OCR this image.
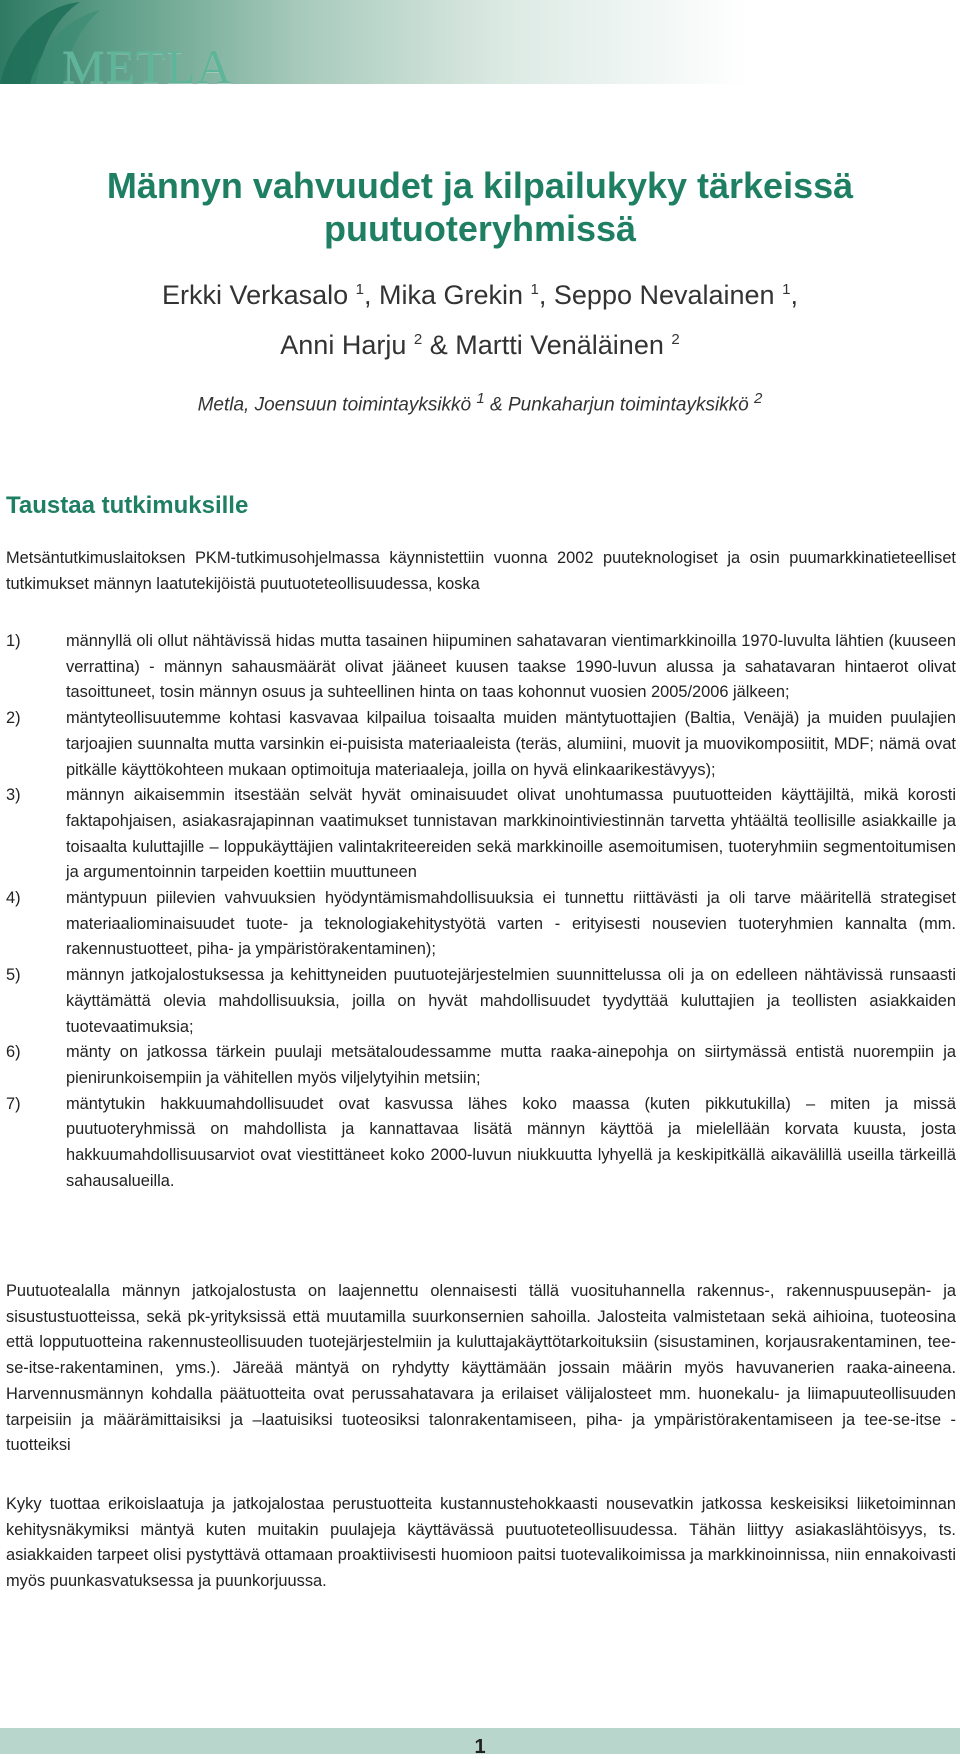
METLA
Männyn vahvuudet ja kilpailukyky tärkeissä puutuoteryhmissä
Erkki Verkasalo $^1$, Mika Grekin $^1$, Seppo Nevalainen $^1$,
Anni Harju $^2$ & Martti Venäläinen $^2$
Metla, Joensuun toimintayksikkö $^1$ & Punkaharjun toimintayksikkö $^2$
Taustaa tutkimuksille
Metsäntutkimuslaitoksen PKM-tutkimusohjelmassa käynnistettiin vuonna 2002 puuteknologiset ja osin puumarkkinatieteelliset tutkimukset männyn laatutekijöistä puutuoteteollisuudessa, koska
1)	männyllä oli ollut nähtävissä hidas mutta tasainen hiipuminen sahatavaran vientimarkkinoilla 1970-luvulta lähtien (kuuseen verrattina) - männyn sahausmäärät olivat jääneet kuusen taakse 1990-luvun alussa ja sahatavaran hintaerot olivat tasoittuneet, tosin männyn osuus ja suhteellinen hinta on taas kohonnut vuosien 2005/2006 jälkeen;
2)	mäntyteollisuutemme kohtasi kasvavaa kilpailua toisaalta muiden mäntytuottajien (Baltia, Venäjä) ja muiden puulajien tarjoajien suunnalta mutta varsinkin ei-puisista materiaaleista (teräs, alumiini, muovit ja muovikomposiitit, MDF; nämä ovat pitkälle käyttökohteen mukaan optimoituja materiaaleja, joilla on hyvä elinkaarikestävyys);
3)	männyn aikaisemmin itsestään selvät hyvät ominaisuudet olivat unohtumassa puutuotteiden käyttäjiltä, mikä korosti faktapohjaisen, asiakasrajapinnan vaatimukset tunnistavan markkinointiviestinnän tarvetta yhtäältä teollisille asiakkaille ja toisaalta kuluttajille – loppukäyttäjien valintakriteereiden sekä markkinoille asemoitumisen, tuoteryhmiin segmentoitumisen ja argumentoinnin tarpeiden koettiin muuttuneen
4)	mäntypuun piilevien vahvuuksien hyödyntämismahdollisuuksia ei tunnettu riittävästi ja oli tarve määritellä strategiset materiaaliominaisuudet tuote- ja teknologiakehitystyötä varten - erityisesti nousevien tuoteryhmien kannalta (mm. rakennustuotteet, piha- ja ympäristörakentaminen);
5)	männyn jatkojalostuksessa ja kehittyneiden puutuotejärjestelmien suunnittelussa oli ja on edelleen nähtävissä runsaasti käyttämättä olevia mahdollisuuksia, joilla on hyvät mahdollisuudet tyydyttää kuluttajien ja teollisten asiakkaiden tuotevaatimuksia;
6)	mänty on jatkossa tärkein puulaji metsätaloudessamme mutta raaka-ainepohja on siirtymässä entistä nuorempiin ja pienirunkoisempiin ja vähitellen myös viljelytyihin metsiin;
7)	mäntytukin hakkuumahdollisuudet ovat kasvussa lähes koko maassa (kuten pikkutukilla) – miten ja missä puutuoteryhmissä on mahdollista ja kannattavaa lisätä männyn käyttöä ja mielellään korvata kuusta, josta hakkuumahdollisuusarviot ovat viestittäneet koko 2000-luvun niukkuutta lyhyellä ja keskipitkällä aikavälillä useilla tärkeillä sahausalueilla.
Puutuotealalla männyn jatkojalostusta on laajennettu olennaisesti tällä vuosituhannella rakennus-, rakennuspuusepän- ja sisustustuotteissa, sekä pk-yrityksissä että muutamilla suurkonsernien sahoilla. Jalosteita valmistetaan sekä aihioina, tuoteosina että lopputuotteina rakennusteollisuuden tuotejärjestelmiin ja kuluttajakäyttötarkoituksiin (sisustaminen, korjausrakentaminen, tee-se-itse-rakentaminen, yms.). Järeää mäntyä on ryhdytty käyttämään jossain määrin myös havuvanerien raaka-aineena. Harvennusmännyn kohdalla päätuotteita ovat perussahatavara ja erilaiset välijalosteet mm. huonekalu- ja liimapuuteollisuuden tarpeisiin ja määrämittaisiksi ja –laatuisiksi tuoteosiksi talonrakentamiseen, piha- ja ympäristörakentamiseen ja tee-se-itse -tuotteiksi
Kyky tuottaa erikoislaatuja ja jatkojalostaa perustuotteita kustannustehokkaasti nousevatkin jatkossa keskeisiksi liiketoiminnan kehitysnäkymiksi mäntyä kuten muitakin puulajeja käyttävässä puutuoteteollisuudessa. Tähän liittyy asiakaslähtöisyys, ts. asiakkaiden tarpeet olisi pystyttävä ottamaan proaktiivisesti huomioon paitsi tuotevalikoimissa ja markkinoinnissa, niin ennakoivasti myös puunkasvatuksessa ja puunkorjuussa.
1
